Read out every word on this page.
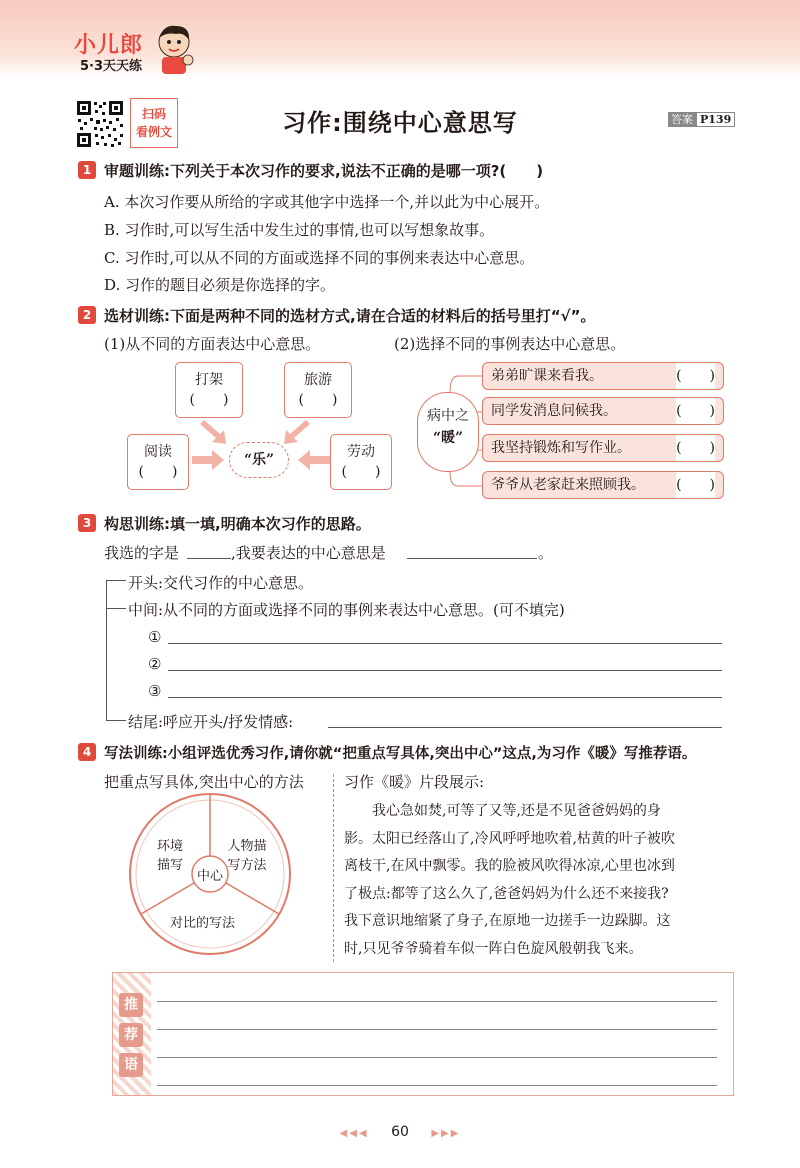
小儿郎
5·3天天练
扫码
看例文	习作:围绕中心意思写	答案 P139
1 审题训练:下列关于本次习作的要求,说法不正确的是哪一项?(　　)
A. 本次习作要从所给的字或其他字中选择一个,并以此为中心展开。
B. 习作时,可以写生活中发生过的事情,也可以写想象故事。
C. 习作时,可以从不同的方面或选择不同的事例来表达中心意思。
D. 习作的题目必须是你选择的字。
2 选材训练:下面是两种不同的选材方式,请在合适的材料后的括号里打“√”。
(1)从不同的方面表达中心意思。	(2)选择不同的事例表达中心意思。
打架
(　　)
旅游
(　　)
阅读
(　　)
劳动
(　　)
“乐”
病中之
“暖”
弟弟旷课来看我。	(　　)
同学发消息问候我。	(　　)
我坚持锻炼和写作业。	(　　)
爷爷从老家赶来照顾我。 (　　)
3 构思训练:填一填,明确本次习作的思路。
我选的字是	,我要表达的中心意思是	。
开头:交代习作的中心意思。
中间:从不同的方面或选择不同的事例来表达中心意思。(可不填完)
①
②
③
结尾:呼应开头/抒发情感:
4 写法训练:小组评选优秀习作,请你就“把重点写具体,突出中心”这点,为习作《暖》写推荐语。
把重点写具体,突出中心的方法	习作《暖》片段展示:
环境
描写
人物描
写方法
对比的写法
中心
我心急如焚,可等了又等,还是不见爸爸妈妈的身
影。太阳已经落山了,冷风呼呼地吹着,枯黄的叶子被吹
离枝干,在风中飘零。我的脸被风吹得冰凉,心里也冰到
了极点:都等了这么久了,爸爸妈妈为什么还不来接我?
我下意识地缩紧了身子,在原地一边搓手一边跺脚。这
时,只见爷爷骑着车似一阵白色旋风般朝我飞来。
推
荐
语
◀◀◀ 60 ▶▶▶
